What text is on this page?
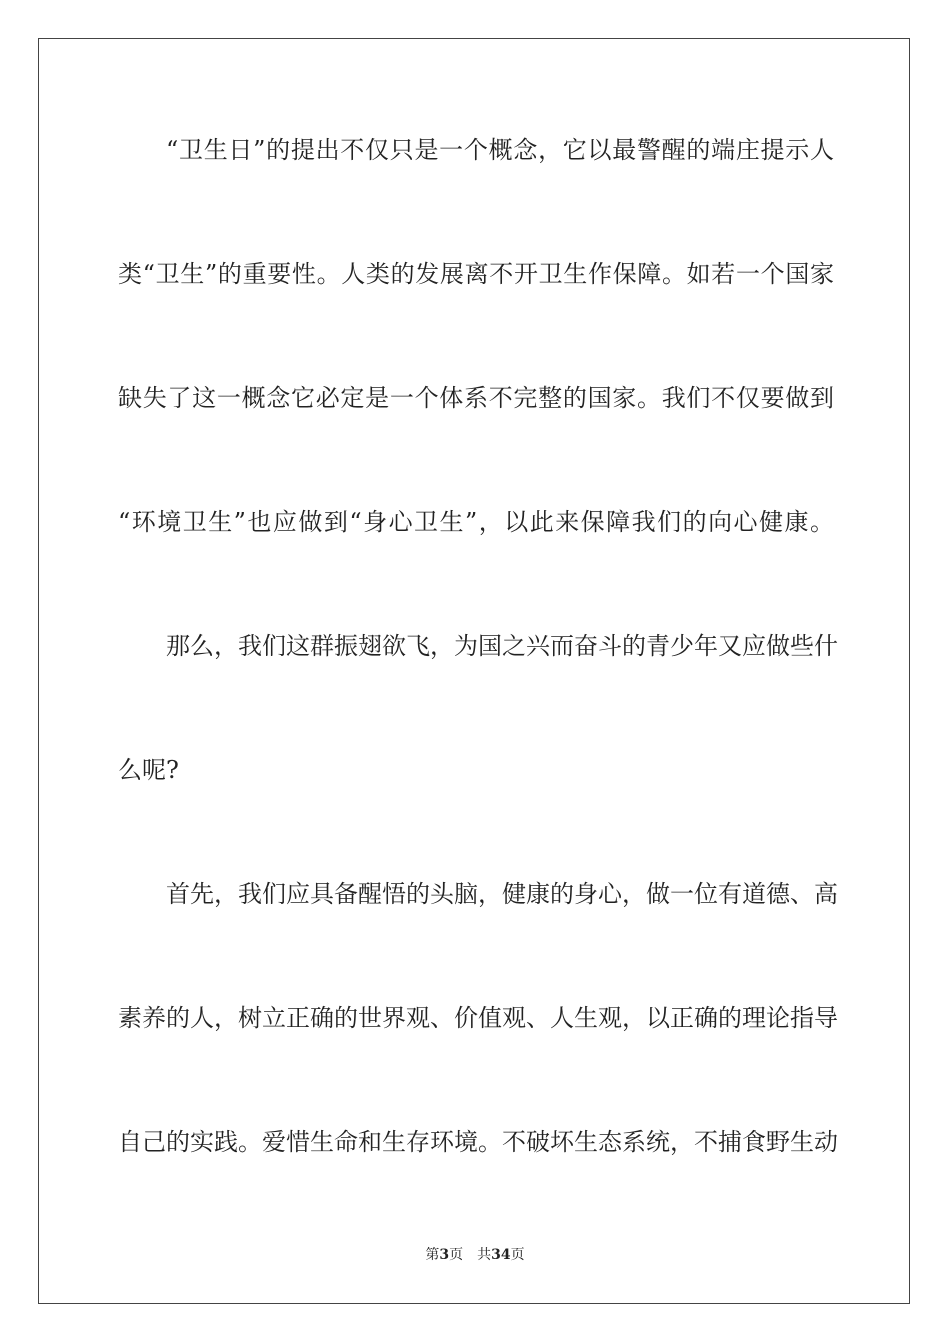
“卫生日”的提出不仅只是一个概念，它以最警醒的端庄提示人
类“卫生”的重要性。人类的发展离不开卫生作保障。如若一个国家
缺失了这一概念它必定是一个体系不完整的国家。我们不仅要做到
“环境卫生”也应做到“身心卫生”，以此来保障我们的向心健康。
那么，我们这群振翅欲飞，为国之兴而奋斗的青少年又应做些什
么呢?
首先，我们应具备醒悟的头脑，健康的身心，做一位有道德、高
素养的人，树立正确的世界观、价值观、人生观，以正确的理论指导
自己的实践。爱惜生命和生存环境。不破坏生态系统，不捕食野生动
第3页 共34页
